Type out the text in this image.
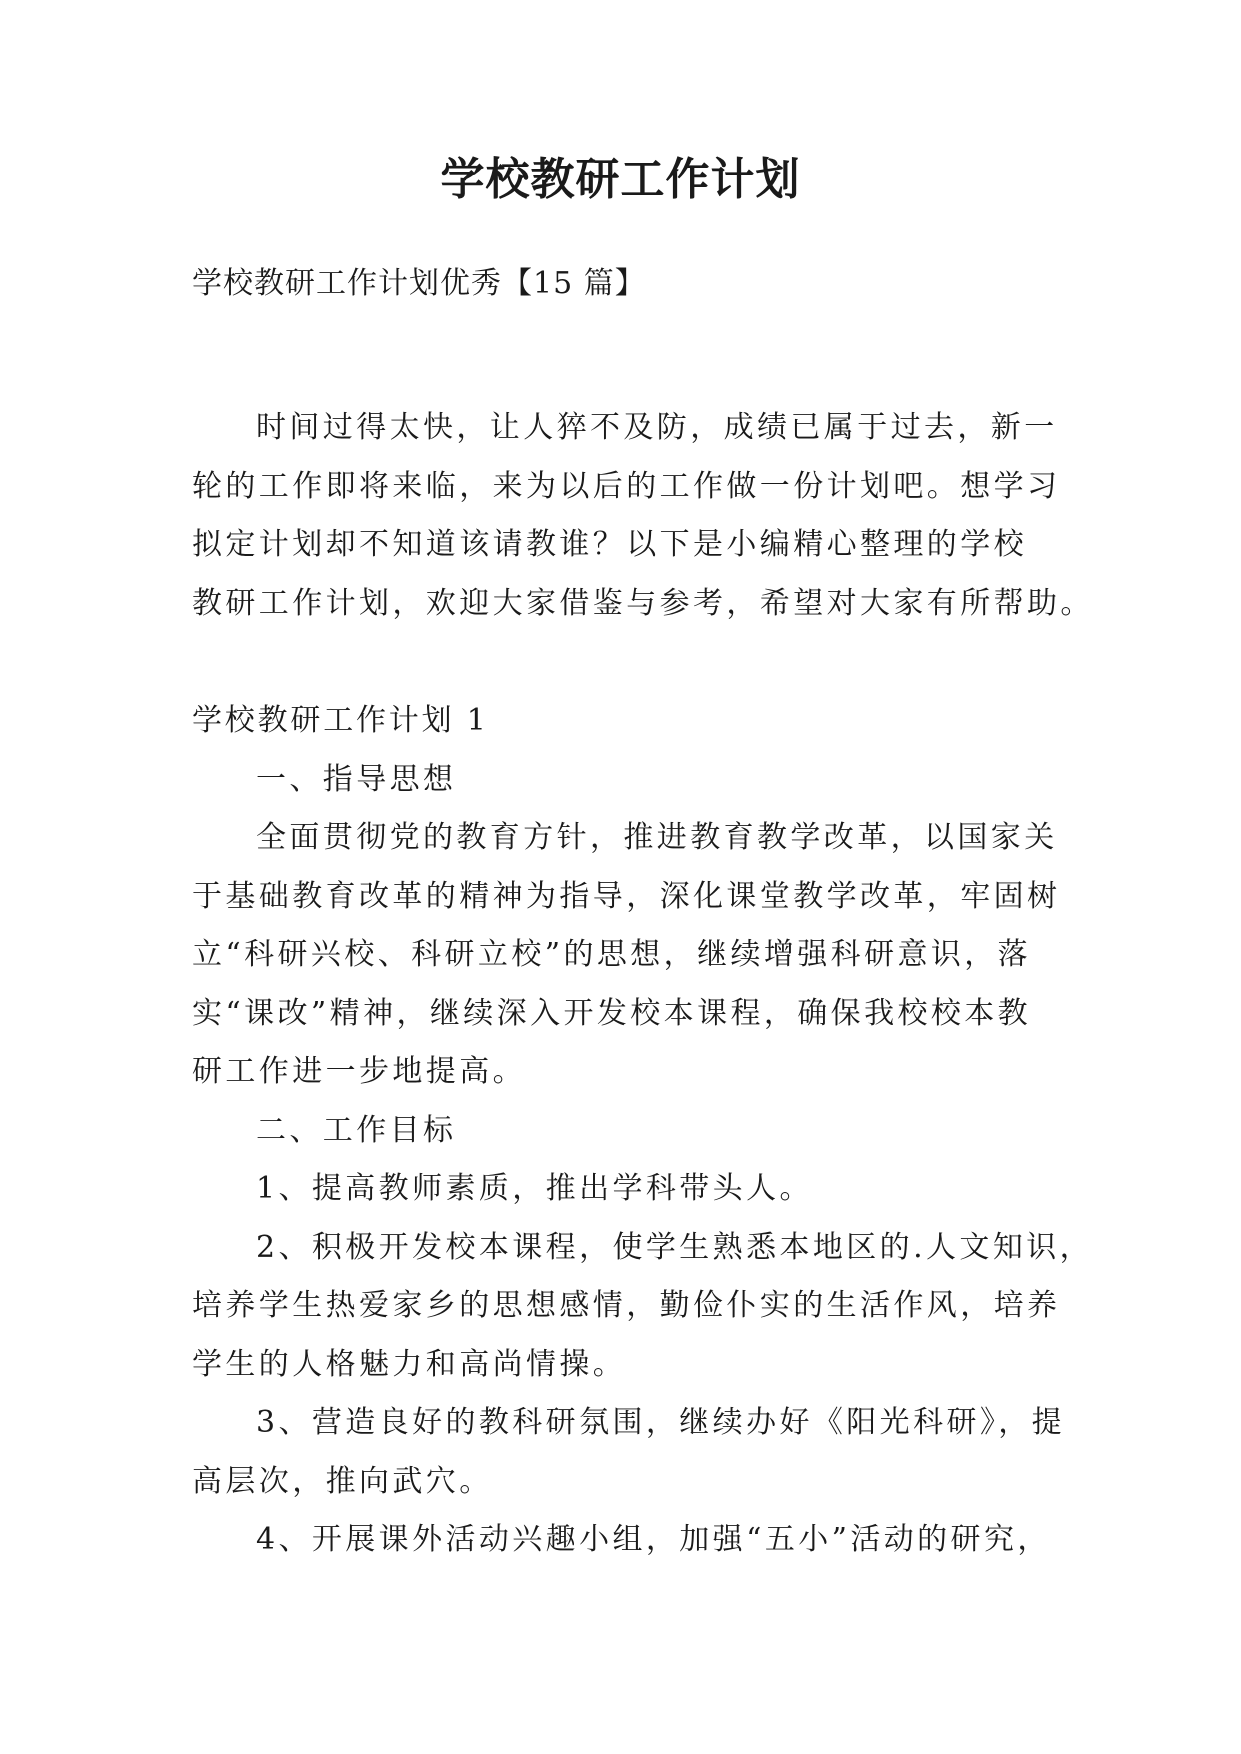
学校教研工作计划
学校教研工作计划优秀【15 篇】
时间过得太快，让人猝不及防，成绩已属于过去，新一
轮的工作即将来临，来为以后的工作做一份计划吧。想学习
拟定计划却不知道该请教谁？以下是小编精心整理的学校
教研工作计划，欢迎大家借鉴与参考，希望对大家有所帮助。
学校教研工作计划 1
一、指导思想
全面贯彻党的教育方针，推进教育教学改革，以国家关
于基础教育改革的精神为指导，深化课堂教学改革，牢固树
立“科研兴校、科研立校”的思想，继续增强科研意识，落
实“课改”精神，继续深入开发校本课程，确保我校校本教
研工作进一步地提高。
二、工作目标
1、提高教师素质，推出学科带头人。
2、积极开发校本课程，使学生熟悉本地区的.人文知识，
培养学生热爱家乡的思想感情，勤俭仆实的生活作风，培养
学生的人格魅力和高尚情操。
3、营造良好的教科研氛围，继续办好《阳光科研》，提
高层次，推向武穴。
4、开展课外活动兴趣小组，加强“五小”活动的研究，
